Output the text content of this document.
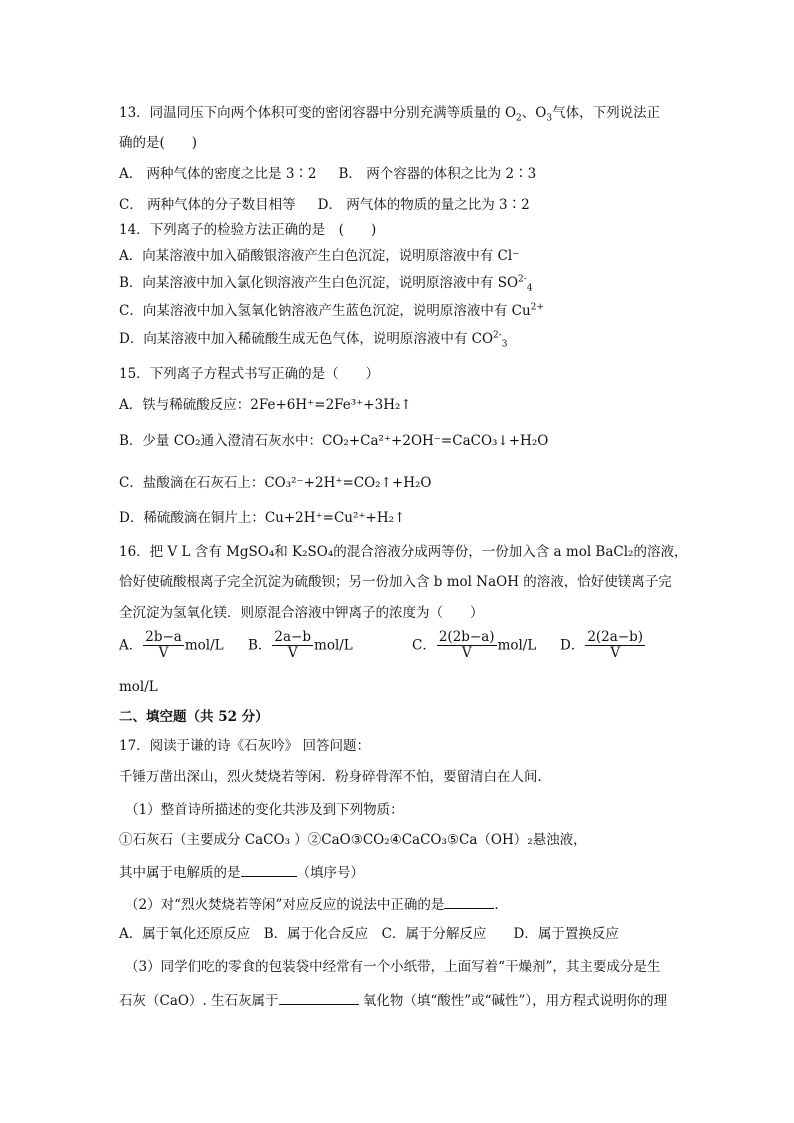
13．同温同压下向两个体积可变的密闭容器中分别充满等质量的 $O_2$、$O_3$气体，下列说法正
确的是(　　)
A． 两种气体的密度之比是 3∶2 B． 两个容器的体积之比为 2∶3
C． 两种气体的分子数目相等 D． 两气体的物质的量之比为 3∶2
14．下列离子的检验方法正确的是　(　　)
A．向某溶液中加入硝酸银溶液产生白色沉淀，说明原溶液中有 Cl⁻
B．向某溶液中加入氯化钡溶液产生白色沉淀，说明原溶液中有 $SO^{2-}_4$
C．向某溶液中加入氢氧化钠溶液产生蓝色沉淀，说明原溶液中有 $Cu^{2+}$
D．向某溶液中加入稀硫酸生成无色气体，说明原溶液中有 $CO^{2-}_3$
15．下列离子方程式书写正确的是（　　）
A．铁与稀硫酸反应：2Fe+6H⁺=2Fe³⁺+3H₂↑
B．少量 CO₂通入澄清石灰水中：CO₂+Ca²⁺+2OH⁻=CaCO₃↓+H₂O
C．盐酸滴在石灰石上：CO₃²⁻+2H⁺=CO₂↑+H₂O
D．稀硫酸滴在铜片上：Cu+2H⁺=Cu²⁺+H₂↑
16．把 V L 含有 MgSO₄和 K₂SO₄的混合溶液分成两等份，一份加入含 a mol BaCl₂的溶液，
恰好使硫酸根离子完全沉淀为硫酸钡；另一份加入含 b mol NaOH 的溶液，恰好使镁离子完
全沉淀为氢氧化镁．则原混合溶液中钾离子的浓度为（　　）
A． $\frac{2b-a}{V} mol/L$ B． $\frac{2a-b}{V} mol/L$	C． $\frac{2(2b-a)}{V} mol/L$ D． $\frac{2(2a-b)}{V}$
mol/L
二、填空题（共 52 分）
17．阅读于谦的诗《石灰吟》 回答问题：
千锤万凿出深山，烈火焚烧若等闲．粉身碎骨浑不怕，要留清白在人间．
（1）整首诗所描述的变化共涉及到下列物质：
①石灰石（主要成分 CaCO₃ ）②CaO③CO₂④CaCO₃⑤Ca（OH）₂悬浊液，
其中属于电解质的是	（填序号）
（2）对“烈火焚烧若等闲”对应反应的说法中正确的是	．
A．属于氧化还原反应　B．属于化合反应　C．属于分解反应　　D．属于置换反应
（3）同学们吃的零食的包装袋中经常有一个小纸带，上面写着“干燥剂”，其主要成分是生
石灰（CaO）. 生石灰属于	氧化物（填“酸性”或“碱性”），用方程式说明你的理
